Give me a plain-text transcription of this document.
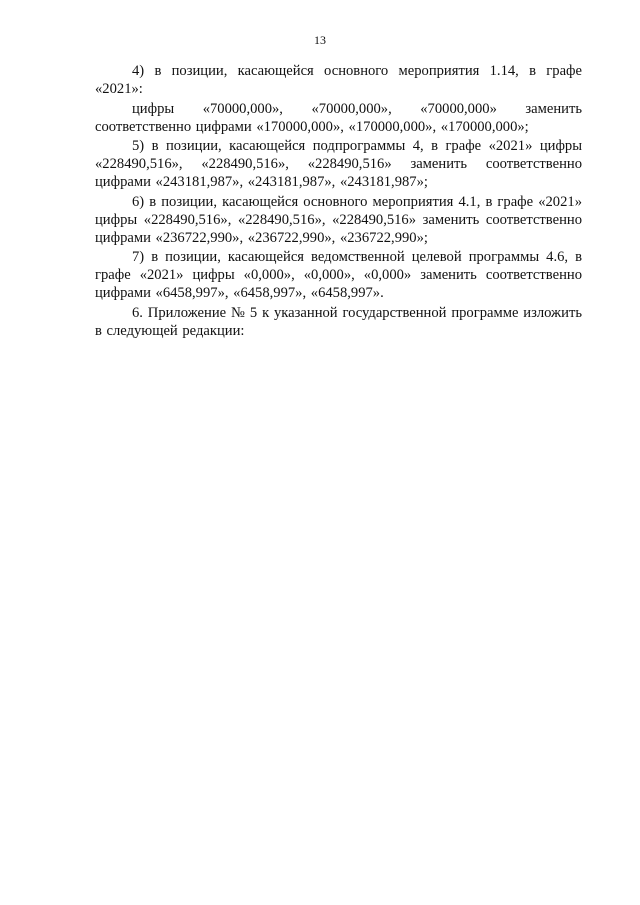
13

4) в позиции, касающейся основного мероприятия 1.14, в графе «2021»:

цифры «70000,000», «70000,000», «70000,000» заменить соответственно цифрами «170000,000», «170000,000», «170000,000»;

5) в позиции, касающейся подпрограммы 4, в графе «2021» цифры «228490,516», «228490,516», «228490,516» заменить соответственно цифрами «243181,987», «243181,987», «243181,987»;

6) в позиции, касающейся основного мероприятия 4.1, в графе «2021» цифры «228490,516», «228490,516», «228490,516» заменить соответственно цифрами «236722,990», «236722,990», «236722,990»;

7) в позиции, касающейся ведомственной целевой программы 4.6, в графе «2021» цифры «0,000», «0,000», «0,000» заменить соответственно цифрами «6458,997», «6458,997», «6458,997».

6. Приложение № 5 к указанной государственной программе изложить в следующей редакции:
